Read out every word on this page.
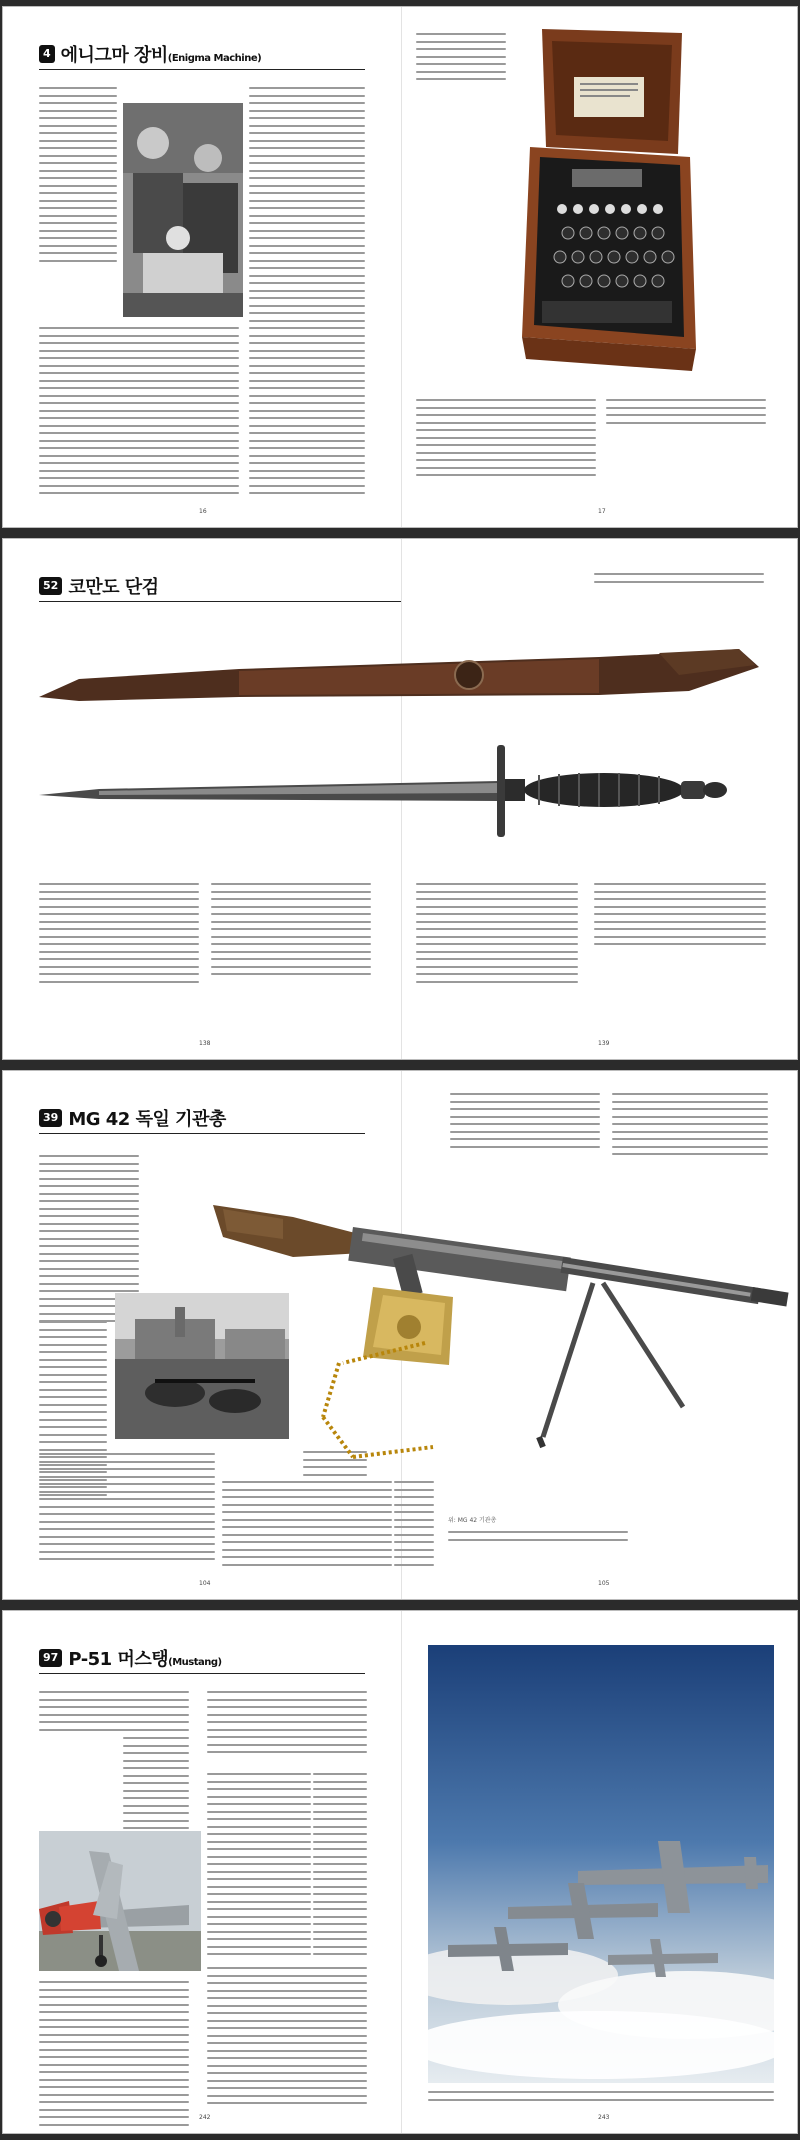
4 에니그마 장비(Enigma Machine)
16	17
52 코만도 단검
138	139
39 MG 42 독일 기관총
104
위: MG 42 기관총
105
97 P-51 머스탱(Mustang)
242	243
